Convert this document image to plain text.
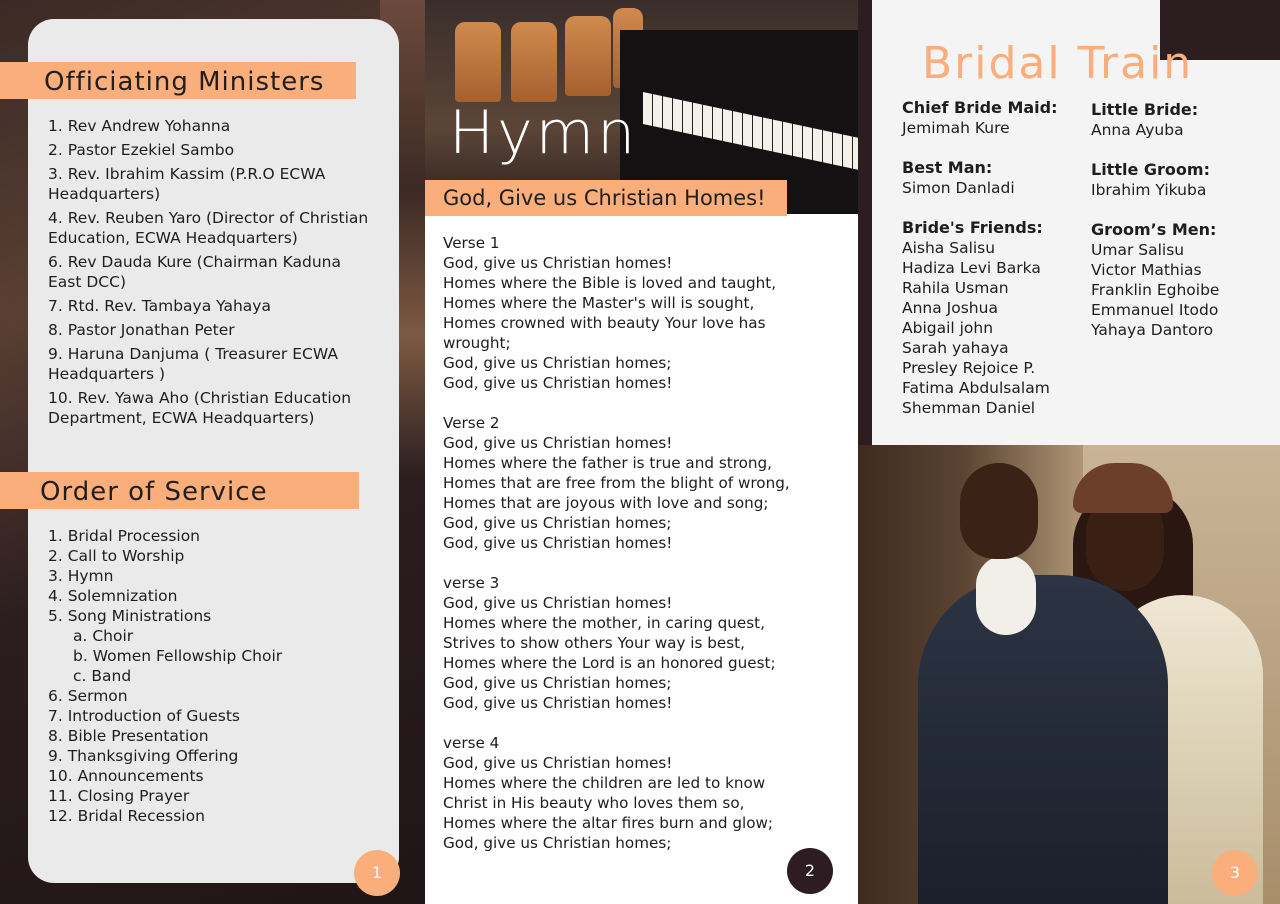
Officiating Ministers
1. Rev Andrew Yohanna
2. Pastor Ezekiel Sambo
3. Rev. Ibrahim Kassim (P.R.O ECWA Headquarters)
4. Rev. Reuben Yaro (Director of Christian Education, ECWA Headquarters)
6. Rev Dauda Kure (Chairman Kaduna East DCC)
7. Rtd. Rev. Tambaya Yahaya
8. Pastor Jonathan Peter
9. Haruna Danjuma ( Treasurer ECWA Headquarters )
10. Rev. Yawa Aho (Christian Education Department, ECWA Headquarters)
Order of Service
1. Bridal Procession
2. Call to Worship
3. Hymn
4. Solemnization
5. Song Ministrations
a. Choir
b. Women Fellowship Choir
c. Band
6. Sermon
7. Introduction of Guests
8. Bible Presentation
9. Thanksgiving Offering
10. Announcements
11. Closing Prayer
12. Bridal Recession
1
Hymn
God, Give us Christian Homes!
Verse 1
God, give us Christian homes!
Homes where the Bible is loved and taught,
Homes where the Master's will is sought,
Homes crowned with beauty Your love has
wrought;
God, give us Christian homes;
God, give us Christian homes!
Verse 2
God, give us Christian homes!
Homes where the father is true and strong,
Homes that are free from the blight of wrong,
Homes that are joyous with love and song;
God, give us Christian homes;
God, give us Christian homes!
verse 3
God, give us Christian homes!
Homes where the mother, in caring quest,
Strives to show others Your way is best,
Homes where the Lord is an honored guest;
God, give us Christian homes;
God, give us Christian homes!
verse 4
God, give us Christian homes!
Homes where the children are led to know
Christ in His beauty who loves them so,
Homes where the altar fires burn and glow;
God, give us Christian homes;
2
Bridal Train
Chief Bride Maid:
Jemimah Kure
Best Man:
Simon Danladi
Bride's Friends:
Aisha Salisu
Hadiza Levi Barka
Rahila Usman
Anna Joshua
Abigail john
Sarah yahaya
Presley Rejoice P.
Fatima Abdulsalam
Shemman Daniel
Little Bride:
Anna Ayuba
Little Groom:
Ibrahim Yikuba
Groom’s Men:
Umar Salisu
Victor Mathias
Franklin Eghoibe
Emmanuel Itodo
Yahaya Dantoro
3
